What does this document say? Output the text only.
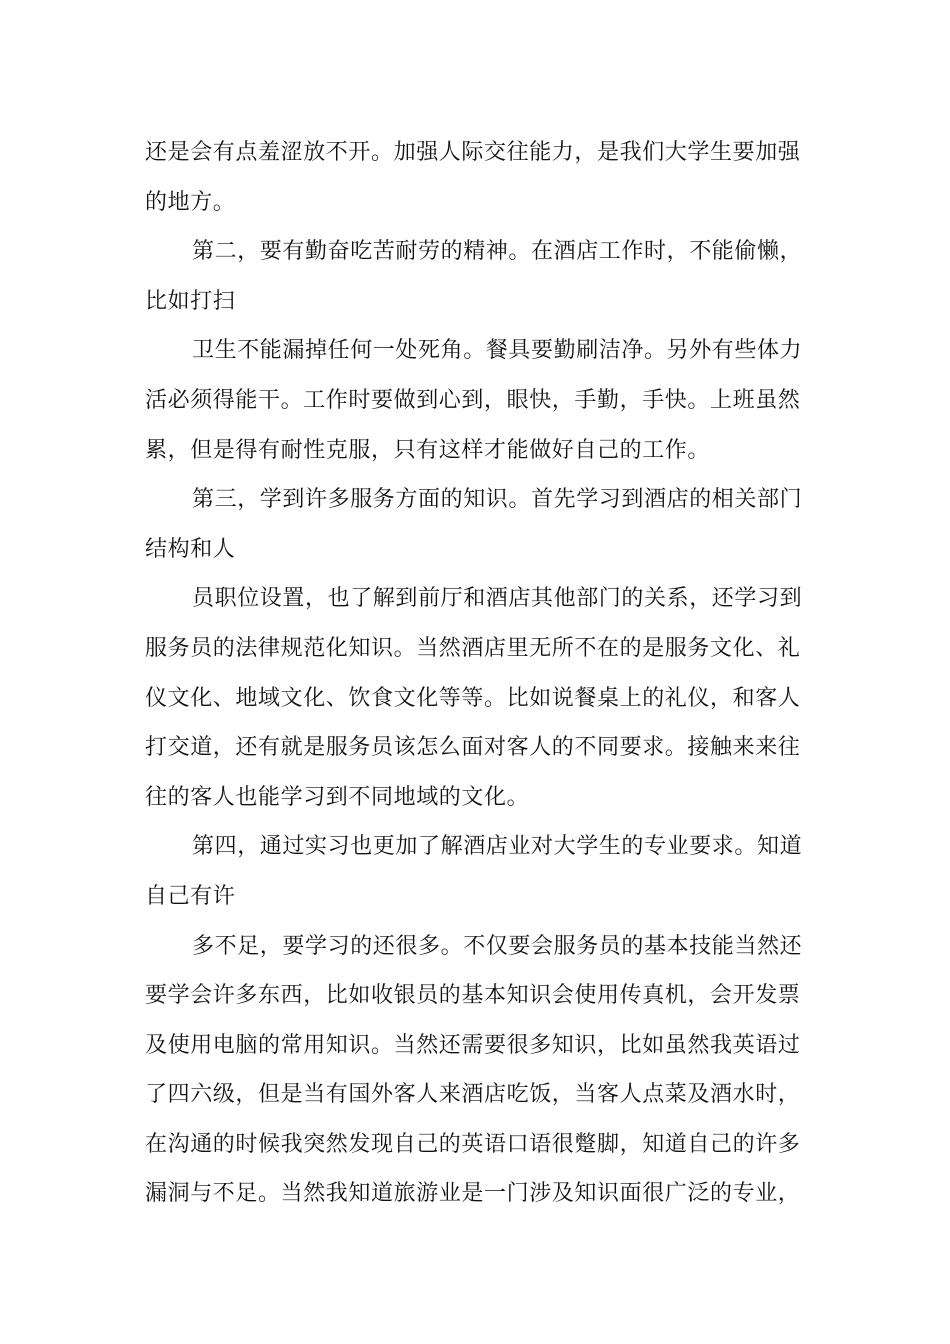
还是会有点羞涩放不开。加强人际交往能力，是我们大学生要加强
的地方。
第二，要有勤奋吃苦耐劳的精神。在酒店工作时，不能偷懒，
比如打扫
卫生不能漏掉任何一处死角。餐具要勤刷洁净。另外有些体力
活必须得能干。工作时要做到心到，眼快，手勤，手快。上班虽然
累，但是得有耐性克服，只有这样才能做好自己的工作。
第三，学到许多服务方面的知识。首先学习到酒店的相关部门
结构和人
员职位设置，也了解到前厅和酒店其他部门的关系，还学习到
服务员的法律规范化知识。当然酒店里无所不在的是服务文化、礼
仪文化、地域文化、饮食文化等等。比如说餐桌上的礼仪，和客人
打交道，还有就是服务员该怎么面对客人的不同要求。接触来来往
往的客人也能学习到不同地域的文化。
第四，通过实习也更加了解酒店业对大学生的专业要求。知道
自己有许
多不足，要学习的还很多。不仅要会服务员的基本技能当然还
要学会许多东西，比如收银员的基本知识会使用传真机，会开发票
及使用电脑的常用知识。当然还需要很多知识，比如虽然我英语过
了四六级，但是当有国外客人来酒店吃饭，当客人点菜及酒水时，
在沟通的时候我突然发现自己的英语口语很蹩脚，知道自己的许多
漏洞与不足。当然我知道旅游业是一门涉及知识面很广泛的专业，
